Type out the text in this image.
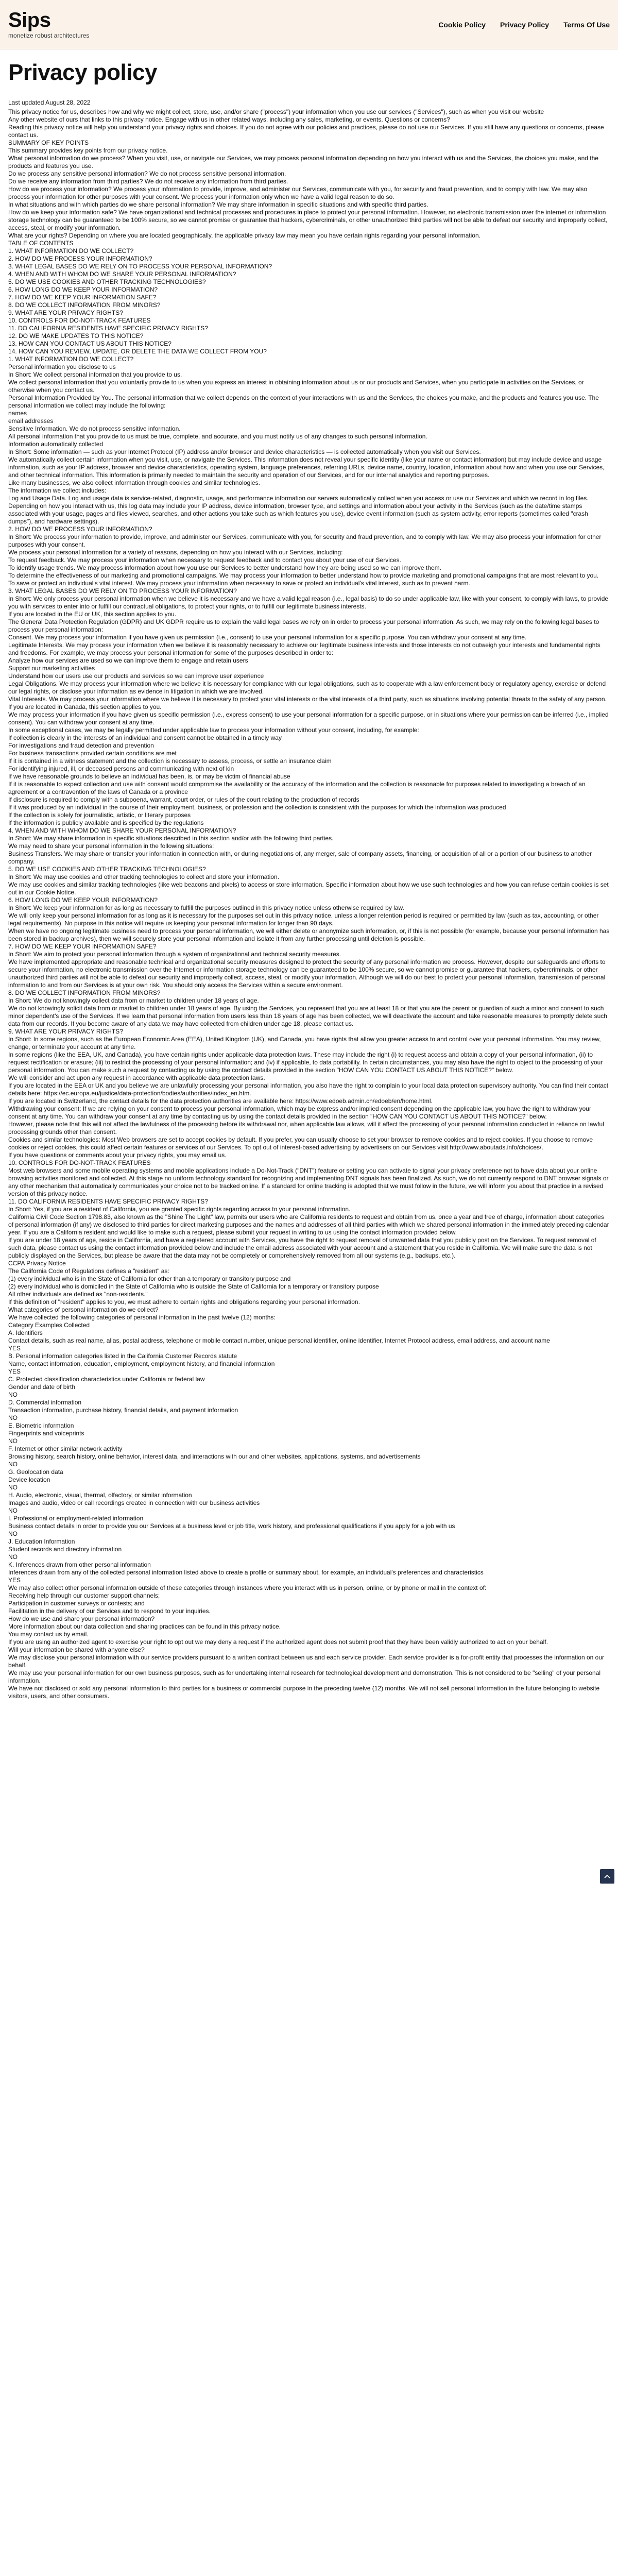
Sips
monetize robust architectures
Cookie Policy Privacy Policy Terms Of Use
Privacy policy
Last updated August 28, 2022

This privacy notice for us, describes how and why we might collect, store, use, and/or share ("process") your information when you use our services ("Services"), such as when you visit our website

Any other website of ours that links to this privacy notice. Engage with us in other related ways, including any sales, marketing, or events. Questions or concerns?

Reading this privacy notice will help you understand your privacy rights and choices. If you do not agree with our policies and practices, please do not use our Services. If you still have any questions or concerns, please contact us.

SUMMARY OF KEY POINTS

This summary provides key points from our privacy notice.

What personal information do we process? When you visit, use, or navigate our Services, we may process personal information depending on how you interact with us and the Services, the choices you make, and the products and features you use.

Do we process any sensitive personal information? We do not process sensitive personal information.

Do we receive any information from third parties? We do not receive any information from third parties.

How do we process your information? We process your information to provide, improve, and administer our Services, communicate with you, for security and fraud prevention, and to comply with law. We may also process your information for other purposes with your consent. We process your information only when we have a valid legal reason to do so.

In what situations and with which parties do we share personal information? We may share information in specific situations and with specific third parties.

How do we keep your information safe? We have organizational and technical processes and procedures in place to protect your personal information. However, no electronic transmission over the internet or information storage technology can be guaranteed to be 100% secure, so we cannot promise or guarantee that hackers, cybercriminals, or other unauthorized third parties will not be able to defeat our security and improperly collect, access, steal, or modify your information.

What are your rights? Depending on where you are located geographically, the applicable privacy law may mean you have certain rights regarding your personal information.

TABLE OF CONTENTS

1. WHAT INFORMATION DO WE COLLECT?

2. HOW DO WE PROCESS YOUR INFORMATION?

3. WHAT LEGAL BASES DO WE RELY ON TO PROCESS YOUR PERSONAL INFORMATION?

4. WHEN AND WITH WHOM DO WE SHARE YOUR PERSONAL INFORMATION?

5. DO WE USE COOKIES AND OTHER TRACKING TECHNOLOGIES?

6. HOW LONG DO WE KEEP YOUR INFORMATION?

7. HOW DO WE KEEP YOUR INFORMATION SAFE?

8. DO WE COLLECT INFORMATION FROM MINORS?

9. WHAT ARE YOUR PRIVACY RIGHTS?

10. CONTROLS FOR DO-NOT-TRACK FEATURES

11. DO CALIFORNIA RESIDENTS HAVE SPECIFIC PRIVACY RIGHTS?

12. DO WE MAKE UPDATES TO THIS NOTICE?

13. HOW CAN YOU CONTACT US ABOUT THIS NOTICE?

14. HOW CAN YOU REVIEW, UPDATE, OR DELETE THE DATA WE COLLECT FROM YOU?

1. WHAT INFORMATION DO WE COLLECT?

Personal information you disclose to us

In Short: We collect personal information that you provide to us.

We collect personal information that you voluntarily provide to us when you express an interest in obtaining information about us or our products and Services, when you participate in activities on the Services, or otherwise when you contact us.

Personal Information Provided by You. The personal information that we collect depends on the context of your interactions with us and the Services, the choices you make, and the products and features you use. The personal information we collect may include the following:

names

email addresses

Sensitive Information. We do not process sensitive information.

All personal information that you provide to us must be true, complete, and accurate, and you must notify us of any changes to such personal information.

Information automatically collected

In Short: Some information — such as your Internet Protocol (IP) address and/or browser and device characteristics — is collected automatically when you visit our Services.

We automatically collect certain information when you visit, use, or navigate the Services. This information does not reveal your specific identity (like your name or contact information) but may include device and usage information, such as your IP address, browser and device characteristics, operating system, language preferences, referring URLs, device name, country, location, information about how and when you use our Services, and other technical information. This information is primarily needed to maintain the security and operation of our Services, and for our internal analytics and reporting purposes.

Like many businesses, we also collect information through cookies and similar technologies.

The information we collect includes:

Log and Usage Data. Log and usage data is service-related, diagnostic, usage, and performance information our servers automatically collect when you access or use our Services and which we record in log files. Depending on how you interact with us, this log data may include your IP address, device information, browser type, and settings and information about your activity in the Services (such as the date/time stamps associated with your usage, pages and files viewed, searches, and other actions you take such as which features you use), device event information (such as system activity, error reports (sometimes called "crash dumps"), and hardware settings).

2. HOW DO WE PROCESS YOUR INFORMATION?

In Short: We process your information to provide, improve, and administer our Services, communicate with you, for security and fraud prevention, and to comply with law. We may also process your information for other purposes with your consent.

We process your personal information for a variety of reasons, depending on how you interact with our Services, including:

To request feedback. We may process your information when necessary to request feedback and to contact you about your use of our Services.

To identify usage trends. We may process information about how you use our Services to better understand how they are being used so we can improve them.

To determine the effectiveness of our marketing and promotional campaigns. We may process your information to better understand how to provide marketing and promotional campaigns that are most relevant to you.

To save or protect an individual's vital interest. We may process your information when necessary to save or protect an individual's vital interest, such as to prevent harm.

3. WHAT LEGAL BASES DO WE RELY ON TO PROCESS YOUR INFORMATION?

In Short: We only process your personal information when we believe it is necessary and we have a valid legal reason (i.e., legal basis) to do so under applicable law, like with your consent, to comply with laws, to provide you with services to enter into or fulfill our contractual obligations, to protect your rights, or to fulfill our legitimate business interests.

If you are located in the EU or UK, this section applies to you.

The General Data Protection Regulation (GDPR) and UK GDPR require us to explain the valid legal bases we rely on in order to process your personal information. As such, we may rely on the following legal bases to process your personal information:

Consent. We may process your information if you have given us permission (i.e., consent) to use your personal information for a specific purpose. You can withdraw your consent at any time.

Legitimate Interests. We may process your information when we believe it is reasonably necessary to achieve our legitimate business interests and those interests do not outweigh your interests and fundamental rights and freedoms. For example, we may process your personal information for some of the purposes described in order to:

Analyze how our services are used so we can improve them to engage and retain users

Support our marketing activities

Understand how our users use our products and services so we can improve user experience

Legal Obligations. We may process your information where we believe it is necessary for compliance with our legal obligations, such as to cooperate with a law enforcement body or regulatory agency, exercise or defend our legal rights, or disclose your information as evidence in litigation in which we are involved.

Vital Interests. We may process your information where we believe it is necessary to protect your vital interests or the vital interests of a third party, such as situations involving potential threats to the safety of any person.

If you are located in Canada, this section applies to you.

We may process your information if you have given us specific permission (i.e., express consent) to use your personal information for a specific purpose, or in situations where your permission can be inferred (i.e., implied consent). You can withdraw your consent at any time.

In some exceptional cases, we may be legally permitted under applicable law to process your information without your consent, including, for example:

If collection is clearly in the interests of an individual and consent cannot be obtained in a timely way

For investigations and fraud detection and prevention

For business transactions provided certain conditions are met

If it is contained in a witness statement and the collection is necessary to assess, process, or settle an insurance claim

For identifying injured, ill, or deceased persons and communicating with next of kin

If we have reasonable grounds to believe an individual has been, is, or may be victim of financial abuse

If it is reasonable to expect collection and use with consent would compromise the availability or the accuracy of the information and the collection is reasonable for purposes related to investigating a breach of an agreement or a contravention of the laws of Canada or a province

If disclosure is required to comply with a subpoena, warrant, court order, or rules of the court relating to the production of records

If it was produced by an individual in the course of their employment, business, or profession and the collection is consistent with the purposes for which the information was produced

If the collection is solely for journalistic, artistic, or literary purposes

If the information is publicly available and is specified by the regulations

4. WHEN AND WITH WHOM DO WE SHARE YOUR PERSONAL INFORMATION?

In Short: We may share information in specific situations described in this section and/or with the following third parties.

We may need to share your personal information in the following situations:

Business Transfers. We may share or transfer your information in connection with, or during negotiations of, any merger, sale of company assets, financing, or acquisition of all or a portion of our business to another company.

5. DO WE USE COOKIES AND OTHER TRACKING TECHNOLOGIES?

In Short: We may use cookies and other tracking technologies to collect and store your information.

We may use cookies and similar tracking technologies (like web beacons and pixels) to access or store information. Specific information about how we use such technologies and how you can refuse certain cookies is set out in our Cookie Notice.

6. HOW LONG DO WE KEEP YOUR INFORMATION?

In Short: We keep your information for as long as necessary to fulfill the purposes outlined in this privacy notice unless otherwise required by law.

We will only keep your personal information for as long as it is necessary for the purposes set out in this privacy notice, unless a longer retention period is required or permitted by law (such as tax, accounting, or other legal requirements). No purpose in this notice will require us keeping your personal information for longer than 90 days.

When we have no ongoing legitimate business need to process your personal information, we will either delete or anonymize such information, or, if this is not possible (for example, because your personal information has been stored in backup archives), then we will securely store your personal information and isolate it from any further processing until deletion is possible.

7. HOW DO WE KEEP YOUR INFORMATION SAFE?

In Short: We aim to protect your personal information through a system of organizational and technical security measures.

We have implemented appropriate and reasonable technical and organizational security measures designed to protect the security of any personal information we process. However, despite our safeguards and efforts to secure your information, no electronic transmission over the Internet or information storage technology can be guaranteed to be 100% secure, so we cannot promise or guarantee that hackers, cybercriminals, or other unauthorized third parties will not be able to defeat our security and improperly collect, access, steal, or modify your information. Although we will do our best to protect your personal information, transmission of personal information to and from our Services is at your own risk. You should only access the Services within a secure environment.

8. DO WE COLLECT INFORMATION FROM MINORS?

In Short: We do not knowingly collect data from or market to children under 18 years of age.

We do not knowingly solicit data from or market to children under 18 years of age. By using the Services, you represent that you are at least 18 or that you are the parent or guardian of such a minor and consent to such minor dependent's use of the Services. If we learn that personal information from users less than 18 years of age has been collected, we will deactivate the account and take reasonable measures to promptly delete such data from our records. If you become aware of any data we may have collected from children under age 18, please contact us.

9. WHAT ARE YOUR PRIVACY RIGHTS?

In Short: In some regions, such as the European Economic Area (EEA), United Kingdom (UK), and Canada, you have rights that allow you greater access to and control over your personal information. You may review, change, or terminate your account at any time.

In some regions (like the EEA, UK, and Canada), you have certain rights under applicable data protection laws. These may include the right (i) to request access and obtain a copy of your personal information, (ii) to request rectification or erasure; (iii) to restrict the processing of your personal information; and (iv) if applicable, to data portability. In certain circumstances, you may also have the right to object to the processing of your personal information. You can make such a request by contacting us by using the contact details provided in the section "HOW CAN YOU CONTACT US ABOUT THIS NOTICE?" below.

We will consider and act upon any request in accordance with applicable data protection laws.

If you are located in the EEA or UK and you believe we are unlawfully processing your personal information, you also have the right to complain to your local data protection supervisory authority. You can find their contact details here: https://ec.europa.eu/justice/data-protection/bodies/authorities/index_en.htm.

If you are located in Switzerland, the contact details for the data protection authorities are available here: https://www.edoeb.admin.ch/edoeb/en/home.html.

Withdrawing your consent: If we are relying on your consent to process your personal information, which may be express and/or implied consent depending on the applicable law, you have the right to withdraw your consent at any time. You can withdraw your consent at any time by contacting us by using the contact details provided in the section "HOW CAN YOU CONTACT US ABOUT THIS NOTICE?" below.

However, please note that this will not affect the lawfulness of the processing before its withdrawal nor, when applicable law allows, will it affect the processing of your personal information conducted in reliance on lawful processing grounds other than consent.

Cookies and similar technologies: Most Web browsers are set to accept cookies by default. If you prefer, you can usually choose to set your browser to remove cookies and to reject cookies. If you choose to remove cookies or reject cookies, this could affect certain features or services of our Services. To opt out of interest-based advertising by advertisers on our Services visit http://www.aboutads.info/choices/.

If you have questions or comments about your privacy rights, you may email us.

10. CONTROLS FOR DO-NOT-TRACK FEATURES

Most web browsers and some mobile operating systems and mobile applications include a Do-Not-Track ("DNT") feature or setting you can activate to signal your privacy preference not to have data about your online browsing activities monitored and collected. At this stage no uniform technology standard for recognizing and implementing DNT signals has been finalized. As such, we do not currently respond to DNT browser signals or any other mechanism that automatically communicates your choice not to be tracked online. If a standard for online tracking is adopted that we must follow in the future, we will inform you about that practice in a revised version of this privacy notice.

11. DO CALIFORNIA RESIDENTS HAVE SPECIFIC PRIVACY RIGHTS?

In Short: Yes, if you are a resident of California, you are granted specific rights regarding access to your personal information.

California Civil Code Section 1798.83, also known as the "Shine The Light" law, permits our users who are California residents to request and obtain from us, once a year and free of charge, information about categories of personal information (if any) we disclosed to third parties for direct marketing purposes and the names and addresses of all third parties with which we shared personal information in the immediately preceding calendar year. If you are a California resident and would like to make such a request, please submit your request in writing to us using the contact information provided below.

If you are under 18 years of age, reside in California, and have a registered account with Services, you have the right to request removal of unwanted data that you publicly post on the Services. To request removal of such data, please contact us using the contact information provided below and include the email address associated with your account and a statement that you reside in California. We will make sure the data is not publicly displayed on the Services, but please be aware that the data may not be completely or comprehensively removed from all our systems (e.g., backups, etc.).

CCPA Privacy Notice

The California Code of Regulations defines a "resident" as:

(1) every individual who is in the State of California for other than a temporary or transitory purpose and

(2) every individual who is domiciled in the State of California who is outside the State of California for a temporary or transitory purpose

All other individuals are defined as "non-residents."

If this definition of "resident" applies to you, we must adhere to certain rights and obligations regarding your personal information.

What categories of personal information do we collect?

We have collected the following categories of personal information in the past twelve (12) months:

Category Examples Collected

A. Identifiers

Contact details, such as real name, alias, postal address, telephone or mobile contact number, unique personal identifier, online identifier, Internet Protocol address, email address, and account name

YES

B. Personal information categories listed in the California Customer Records statute

Name, contact information, education, employment, employment history, and financial information

YES

C. Protected classification characteristics under California or federal law

Gender and date of birth

NO

D. Commercial information

Transaction information, purchase history, financial details, and payment information

NO

E. Biometric information

Fingerprints and voiceprints

NO

F. Internet or other similar network activity

Browsing history, search history, online behavior, interest data, and interactions with our and other websites, applications, systems, and advertisements

NO

G. Geolocation data

Device location

NO

H. Audio, electronic, visual, thermal, olfactory, or similar information

Images and audio, video or call recordings created in connection with our business activities

NO

I. Professional or employment-related information

Business contact details in order to provide you our Services at a business level or job title, work history, and professional qualifications if you apply for a job with us

NO

J. Education Information

Student records and directory information

NO

K. Inferences drawn from other personal information

Inferences drawn from any of the collected personal information listed above to create a profile or summary about, for example, an individual's preferences and characteristics

YES

We may also collect other personal information outside of these categories through instances where you interact with us in person, online, or by phone or mail in the context of:

Receiving help through our customer support channels;

Participation in customer surveys or contests; and

Facilitation in the delivery of our Services and to respond to your inquiries.

How do we use and share your personal information?

More information about our data collection and sharing practices can be found in this privacy notice.

You may contact us by email.

If you are using an authorized agent to exercise your right to opt out we may deny a request if the authorized agent does not submit proof that they have been validly authorized to act on your behalf.

Will your information be shared with anyone else?

We may disclose your personal information with our service providers pursuant to a written contract between us and each service provider. Each service provider is a for-profit entity that processes the information on our behalf.

We may use your personal information for our own business purposes, such as for undertaking internal research for technological development and demonstration. This is not considered to be "selling" of your personal information.

We have not disclosed or sold any personal information to third parties for a business or commercial purpose in the preceding twelve (12) months. We will not sell personal information in the future belonging to website visitors, users, and other consumers.
